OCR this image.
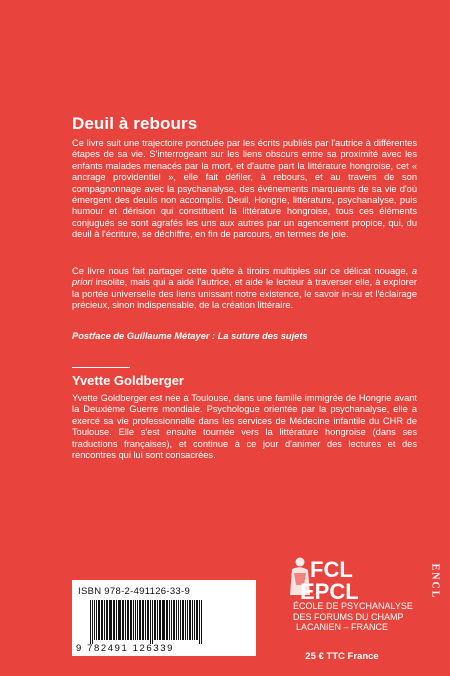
Deuil à rebours

Ce livre suit une trajectoire ponctuée par les écrits publiés par l'autrice à différentes étapes de sa vie. S'interrogeant sur les liens obscurs entre sa proximité avec les enfants malades menacés par la mort, et d'autre part la littérature hongroise, cet « ancrage providentiel », elle fait défiler, à rebours, et au travers de son compagnonnage avec la psychanalyse, des événements marquants de sa vie d'où émergent des deuils non accomplis. Deuil, Hongrie, littérature, psychanalyse, puis humour et dérision qui constituent la littérature hongroise, tous ces éléments conjugués se sont agrafés les uns aux autres par un agencement propice, qui, du deuil à l'écriture, se déchiffre, en fin de parcours, en termes de joie.

Ce livre nous fait partager cette quête à tiroirs multiples sur ce délicat nouage, a priori insolite, mais qui a aidé l'autrice, et aide le lecteur à traverser elle, à explorer la portée universelle des liens unissant notre existence, le savoir in-su et l'éclairage précieux, sinon indispensable, de la création littéraire.

Postface de Guillaume Métayer : La suture des sujets
Yvette Goldberger

Yvette Goldberger est née à Toulouse, dans une famille immigrée de Hongrie avant la Deuxième Guerre mondiale. Psychologue orientée par la psychanalyse, elle a exercé sa vie professionnelle dans les services de Médecine infantile du CHR de Toulouse. Elle s'est ensuite tournée vers la littérature hongroise (dans ses traductions françaises), et continue à ce jour d'animer des lectures et des rencontres qui lui sont consacrées.

ISBN 978-2-491126-33-9
9 782491 126339
FCL
EPCL
ÉCOLE DE PSYCHANALYSE
DES FORUMS DU CHAMP
LACANIEN – FRANCE
25 € TTC France
ENCL
